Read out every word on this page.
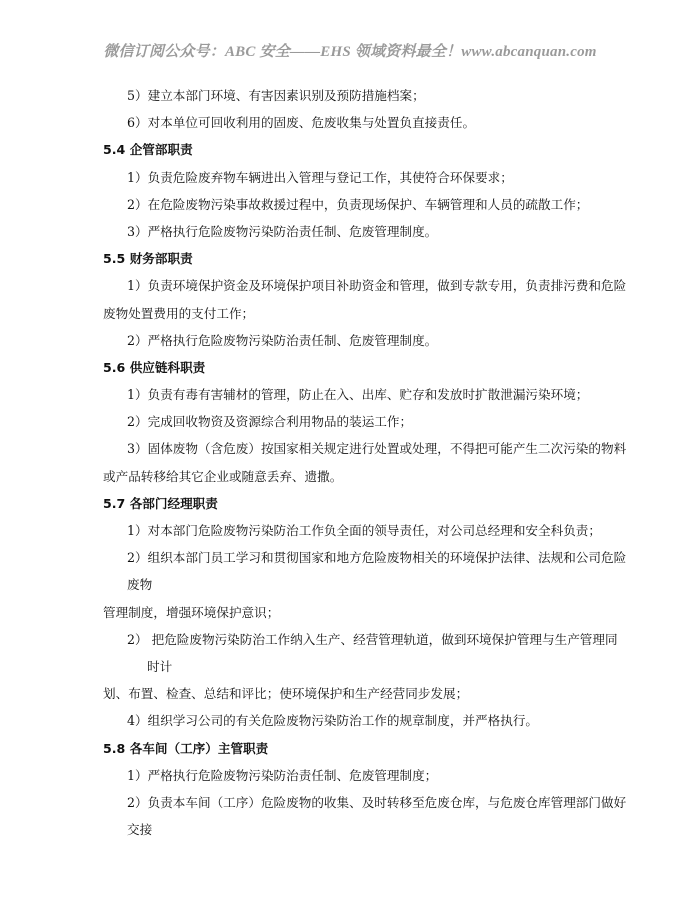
微信订阅公众号：ABC 安全——EHS 领域资料最全！www.abcanquan.com
5）建立本部门环境、有害因素识别及预防措施档案；
6）对本单位可回收利用的固废、危废收集与处置负直接责任。
5.4 企管部职责
1）负责危险废弃物车辆进出入管理与登记工作，其使符合环保要求；
2）在危险废物污染事故救援过程中，负责现场保护、车辆管理和人员的疏散工作；
3）严格执行危险废物污染防治责任制、危废管理制度。
5.5 财务部职责
1）负责环境保护资金及环境保护项目补助资金和管理，做到专款专用，负责排污费和危险
废物处置费用的支付工作；
2）严格执行危险废物污染防治责任制、危废管理制度。
5.6 供应链科职责
1）负责有毒有害辅材的管理，防止在入、出库、贮存和发放时扩散泄漏污染环境；
2）完成回收物资及资源综合利用物品的装运工作；
3）固体废物（含危废）按国家相关规定进行处置或处理，不得把可能产生二次污染的物料
或产品转移给其它企业或随意丢弃、遗撒。
5.7 各部门经理职责
1）对本部门危险废物污染防治工作负全面的领导责任，对公司总经理和安全科负责；
2）组织本部门员工学习和贯彻国家和地方危险废物相关的环境保护法律、法规和公司危险
废物
管理制度，增强环境保护意识；
2） 把危险废物污染防治工作纳入生产、经营管理轨道，做到环境保护管理与生产管理同
时计
划、布置、检查、总结和评比；使环境保护和生产经营同步发展；
4）组织学习公司的有关危险废物污染防治工作的规章制度，并严格执行。
5.8 各车间（工序）主管职责
1）严格执行危险废物污染防治责任制、危废管理制度；
2）负责本车间（工序）危险废物的收集、及时转移至危废仓库，与危废仓库管理部门做好
交接
